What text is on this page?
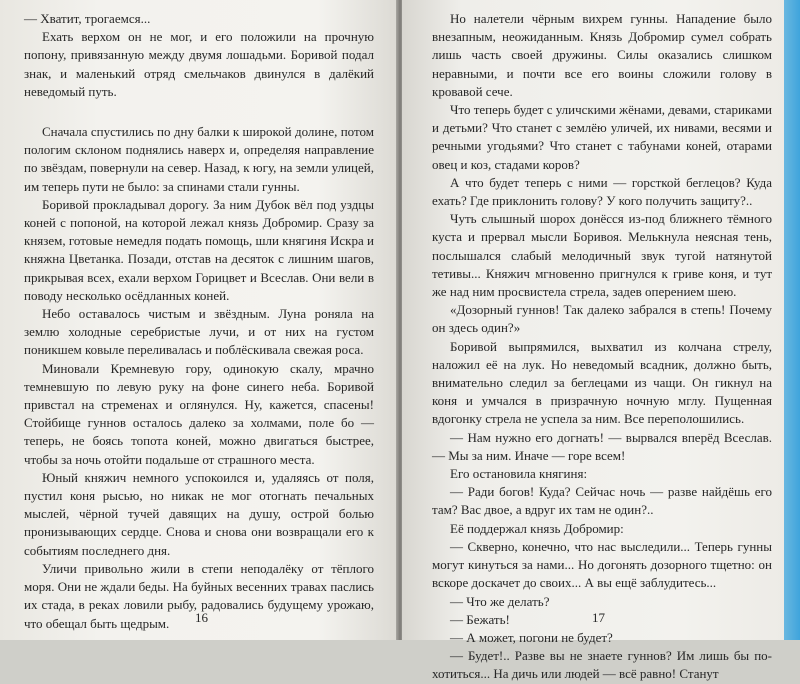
— Хватит, трогаемся...

Ехать верхом он не мог, и его положили на прочную попону, привязанную между двумя лошадьми. Боривой подал знак, и маленький отряд смельчаков двинулся в далёкий неведомый путь.

Сначала спустились по дну балки к широкой долине, потом пологим склоном поднялись наверх и, определяя направление по звёздам, повернули на север. Назад, к югу, на земли улицей, им теперь пути не было: за спинами стали гунны.

Боривой прокладывал дорогу. За ним Дубок вёл под уздцы коней с попоной, на которой лежал князь Добромир. Сразу за князем, готовые немедля подать помощь, шли княгиня Искра и княжна Цветанка. Позади, отстав на десяток с лишним шагов, прикрывая всех, ехали верхом Горицвет и Всеслав. Они вели в поводу несколько осёдланных коней.

Небо оставалось чистым и звёздным. Луна роняла на землю холодные серебристые лучи, и от них на густом поникшем ковыле переливалась и поблёскивала свежая роса.

Миновали Кремневую гору, одинокую скалу, мрачно темневшую по левую руку на фоне синего неба. Боривой привстал на стременах и оглянулся. Ну, кажется, спасены! Стойбище гуннов осталось далеко за холмами, поле бо — теперь, не боясь топота коней, можно двигаться быстрее, чтобы за ночь отойти подальше от страшного места.

Юный княжич немного успокоился и, удаляясь от поля, пустил коня рысью, но никак не мог отогнать печальных мыслей, чёрной тучей давящих на душу, острой болью пронизывающих сердце. Снова и снова они возвращали его к событиям последнего дня.

Уличи привольно жили в степи неподалёку от тёплого моря. Они не ждали беды. На буйных весенних травах паслись их стада, в реках ловили рыбу, радовались будущему урожаю, что обещал быть щедрым.	16

Но налетели чёрным вихрем гунны. Нападение было внезапным, неожиданным. Князь Добромир сумел собрать лишь часть своей дружины. Силы оказались слишком неравными, и почти все его воины сложили голову в кровавой сече.

Что теперь будет с уличскими жёнами, девами, стариками и детьми? Что станет с землёю уличей, их нивами, весями и речными угодьями? Что станет с табунами коней, отарами овец и коз, стадами коров?

А что будет теперь с ними — горсткой беглецов? Куда ехать? Где приклонить голову? У кого получить защиту?..

Чуть слышный шорох донёсся из-под ближнего тёмного куста и прервал мысли Боривоя. Мелькнула неясная тень, послышался слабый мелодичный звук тугой натянутой тетивы... Княжич мгновенно пригнулся к гриве коня, и тут же над ним просвистела стрела, задев оперением шею.

«Дозорный гуннов! Так далеко забрался в степь! Почему он здесь один?»

Боривой выпрямился, выхватил из колчана стрелу, наложил её на лук. Но неведомый всадник, должно быть, внимательно следил за беглецами из чащи. Он гикнул на коня и умчался в призрачную ночную мглу. Пущенная вдогонку стрела не успела за ним. Все переполошились.

— Нам нужно его догнать! — вырвался вперёд Всеслав. — Мы за ним. Иначе — горе всем!

Его остановила княгиня:

— Ради богов! Куда? Сейчас ночь — разве найдёшь его там? Вас двое, а вдруг их там не один?..

Её поддержал князь Добромир:

— Скверно, конечно, что нас выследили... Теперь гунны могут кинуться за нами... Но догонять дозорного тщетно: он вскоре доскачет до своих... А вы ещё заблудитесь...

— Что же делать?

— Бежать!

— А может, погони не будет?

— Будет!.. Разве вы не знаете гуннов? Им лишь бы похотиться... На дичь или людей — всё равно! Станут

17
